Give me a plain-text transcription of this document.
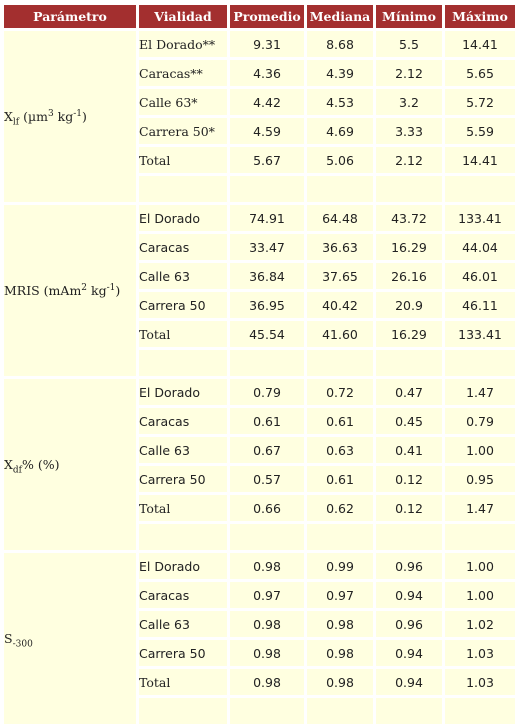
Parámetro	Vialidad	Promedio	Mediana	Mínimo	Máximo
$X_{lf}$ (µm$^3$ $kg^{-1}$)	El Dorado**	9.31	8.68	5.5	14.41
	Caracas**	4.36	4.39	2.12	5.65
	Calle 63*	4.42	4.53	3.2	5.72
	Carrera 50*	4.59	4.69	3.33	5.59
	Total	5.67	5.06	2.12	14.41

MRIS (mAm$^2$ $kg^{-1}$)	El Dorado	74.91	64.48	43.72	133.41
	Caracas	33.47	36.63	16.29	44.04
	Calle 63	36.84	37.65	26.16	46.01
	Carrera 50	36.95	40.42	20.9	46.11
	Total	45.54	41.60	16.29	133.41

$X_{df}\%$ (%)	El Dorado	0.79	0.72	0.47	1.47
	Caracas	0.61	0.61	0.45	0.79
	Calle 63	0.67	0.63	0.41	1.00
	Carrera 50	0.57	0.61	0.12	0.95
	Total	0.66	0.62	0.12	1.47

$S_{-300}$	El Dorado	0.98	0.99	0.96	1.00
	Caracas	0.97	0.97	0.94	1.00
	Calle 63	0.98	0.98	0.96	1.02
	Carrera 50	0.98	0.98	0.94	1.03
	Total	0.98	0.98	0.94	1.03
